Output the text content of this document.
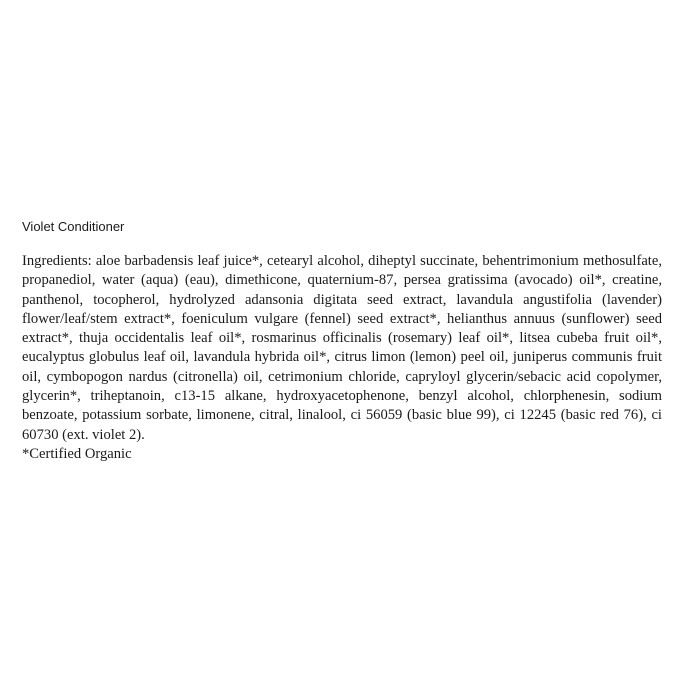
Violet Conditioner

Ingredients: aloe barbadensis leaf juice*, cetearyl alcohol, diheptyl succinate, behentrimonium methosulfate, propanediol, water (aqua) (eau), dimethicone, quaternium-87, persea gratissima (avocado) oil*, creatine, panthenol, tocopherol, hydrolyzed adansonia digitata seed extract, lavandula angustifolia (lavender) flower/leaf/stem extract*, foeniculum vulgare (fennel) seed extract*, helianthus annuus (sunflower) seed extract*, thuja occidentalis leaf oil*, rosmarinus officinalis (rosemary) leaf oil*, litsea cubeba fruit oil*, eucalyptus globulus leaf oil, lavandula hybrida oil*, citrus limon (lemon) peel oil, juniperus communis fruit oil, cymbopogon nardus (citronella) oil, cetrimonium chloride, capryloyl glycerin/sebacic acid copolymer, glycerin*, triheptanoin, c13-15 alkane, hydroxyacetophenone, benzyl alcohol, chlorphenesin, sodium benzoate, potassium sorbate, limonene, citral, linalool, ci 56059 (basic blue 99), ci 12245 (basic red 76), ci 60730 (ext. violet 2).

*Certified Organic
